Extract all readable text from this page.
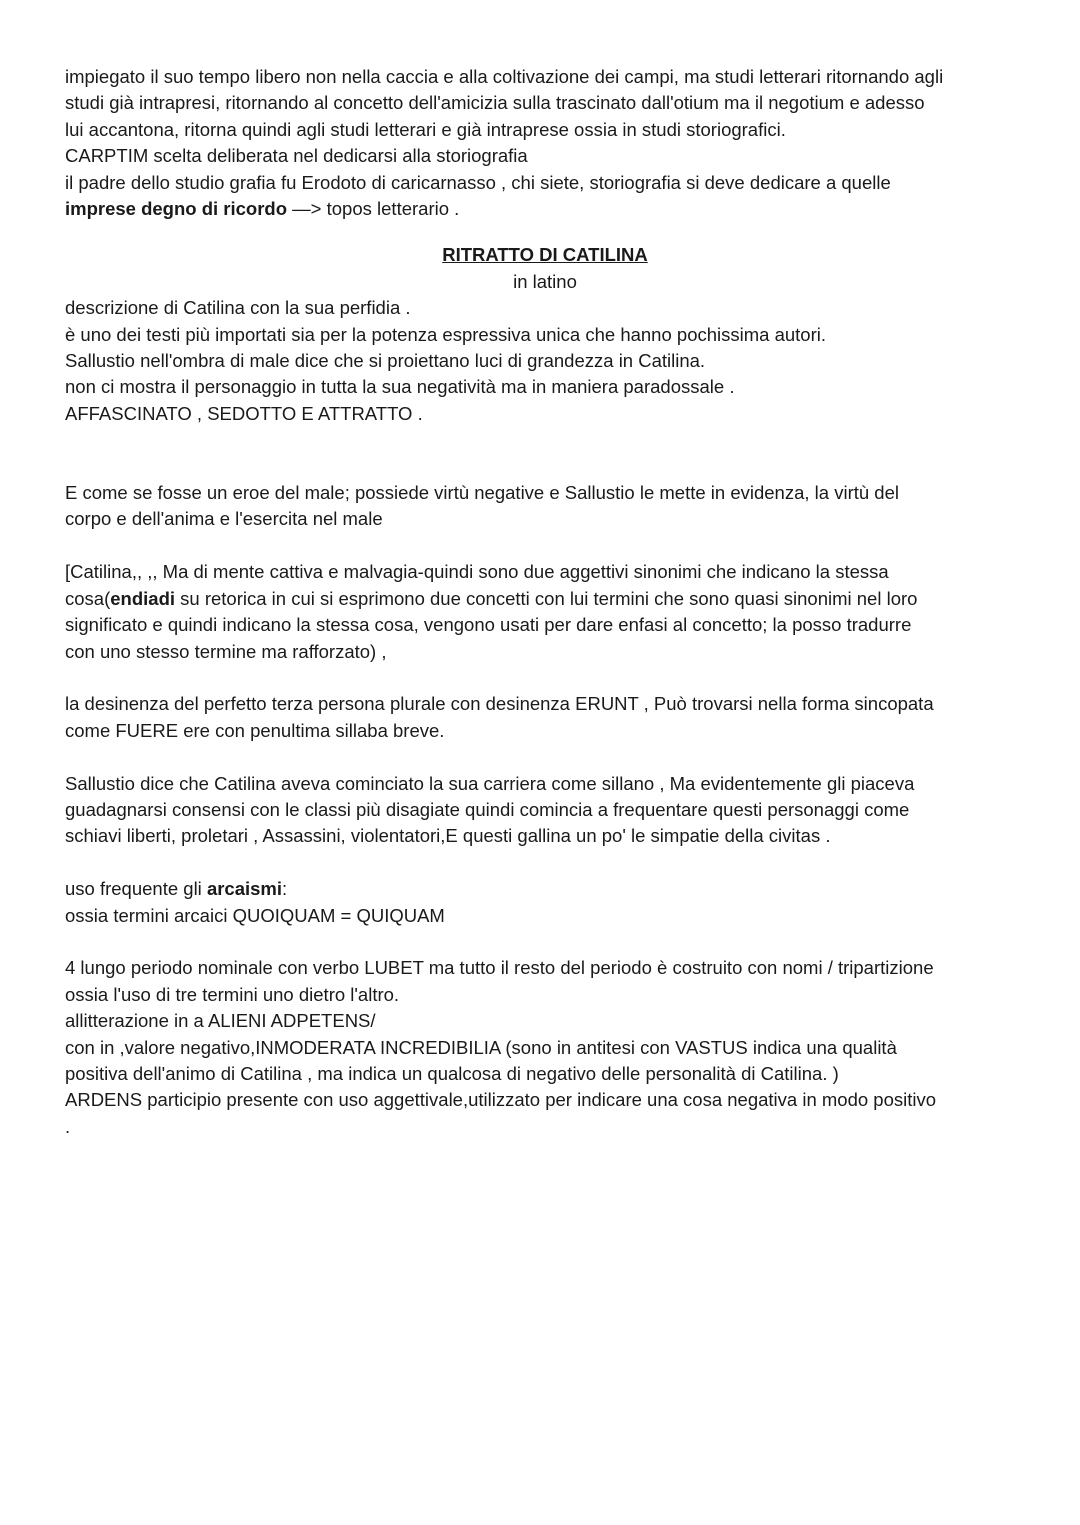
impiegato il suo tempo libero non nella caccia e alla coltivazione dei campi, ma studi letterari ritornando agli
studi già intrapresi, ritornando al concetto dell'amicizia sulla trascinato dall'otium ma il negotium e adesso
lui accantona, ritorna quindi agli studi letterari e già intraprese ossia in studi storiografici.
CARPTIM scelta deliberata nel dedicarsi alla storiografia
il padre dello studio grafia fu Erodoto di caricarnasso , chi siete, storiografia si deve dedicare a quelle
imprese degno di ricordo —> topos letterario .
RITRATTO DI CATILINA
in latino
descrizione di Catilina con la sua perfidia .
è uno dei testi più importati sia per la potenza espressiva unica che hanno pochissima autori.
Sallustio nell'ombra di male dice che si proiettano luci di grandezza in Catilina.
non ci mostra il personaggio in tutta la sua negatività ma in maniera paradossale .
AFFASCINATO , SEDOTTO E ATTRATTO .
E come se fosse un eroe del male; possiede virtù negative e Sallustio le mette in evidenza, la virtù del
corpo e dell'anima e l'esercita nel male
[Catilina,, ,, Ma di mente cattiva e malvagia-quindi sono due aggettivi sinonimi che indicano la stessa
cosa(endiadi su retorica in cui si esprimono due concetti con lui termini che sono quasi sinonimi nel loro
significato e quindi indicano la stessa cosa, vengono usati per dare enfasi al concetto; la posso tradurre
con uno stesso termine ma rafforzato) ,
la desinenza del perfetto terza persona plurale con desinenza ERUNT , Può trovarsi nella forma sincopata
come FUERE ere con penultima sillaba breve.
Sallustio dice che Catilina aveva cominciato la sua carriera come sillano , Ma evidentemente gli piaceva
guadagnarsi consensi con le classi più disagiate quindi comincia a frequentare questi personaggi come
schiavi liberti, proletari , Assassini, violentatori,E questi gallina un po' le simpatie della civitas .
uso frequente gli arcaismi:
ossia termini arcaici QUOIQUAM = QUIQUAM
4 lungo periodo nominale con verbo LUBET ma tutto il resto del periodo è costruito con nomi / tripartizione
ossia l'uso di tre termini uno dietro l'altro.
allitterazione in a ALIENI ADPETENS/
con in ,valore negativo,INMODERATA INCREDIBILIA (sono in antitesi con VASTUS indica una qualità
positiva dell'animo di Catilina , ma indica un qualcosa di negativo delle personalità di Catilina. )
ARDENS participio presente con uso aggettivale,utilizzato per indicare una cosa negativa in modo positivo
.
